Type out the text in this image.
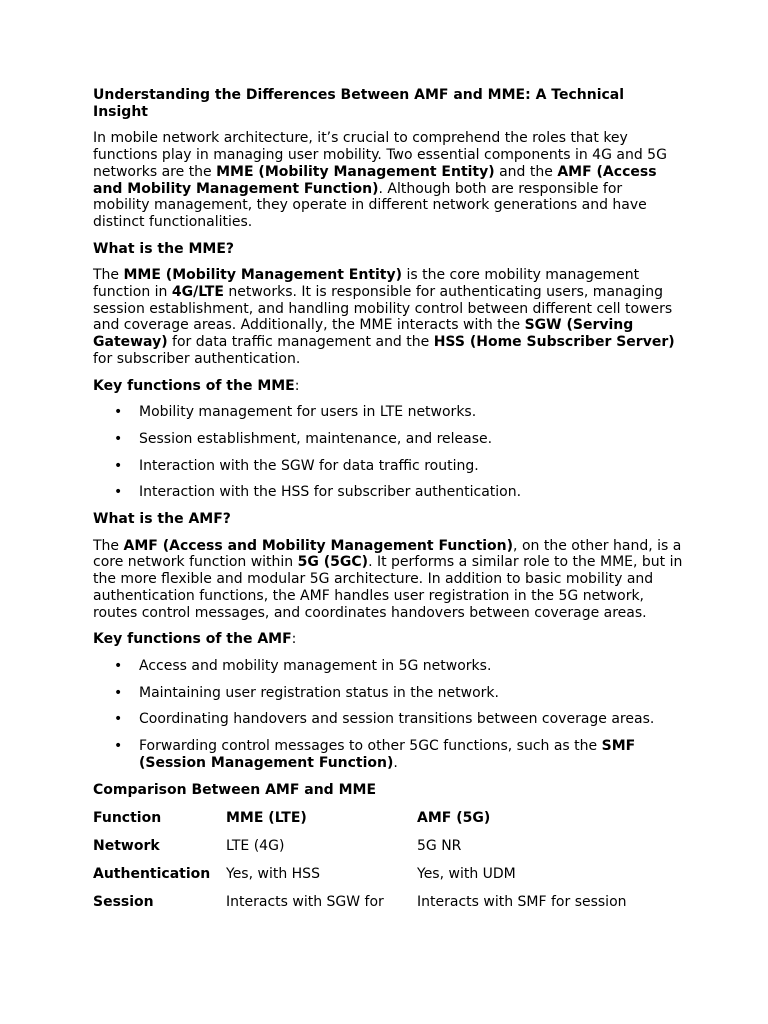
Understanding the Differences Between AMF and MME: A Technical Insight

In mobile network architecture, it’s crucial to comprehend the roles that key functions play in managing user mobility. Two essential components in 4G and 5G networks are the MME (Mobility Management Entity) and the AMF (Access and Mobility Management Function). Although both are responsible for mobility management, they operate in different network generations and have distinct functionalities.

What is the MME?

The MME (Mobility Management Entity) is the core mobility management function in 4G/LTE networks. It is responsible for authenticating users, managing session establishment, and handling mobility control between different cell towers and coverage areas. Additionally, the MME interacts with the SGW (Serving Gateway) for data traffic management and the HSS (Home Subscriber Server) for subscriber authentication.

Key functions of the MME:

• Mobility management for users in LTE networks.
• Session establishment, maintenance, and release.
• Interaction with the SGW for data traffic routing.
• Interaction with the HSS for subscriber authentication.

What is the AMF?

The AMF (Access and Mobility Management Function), on the other hand, is a core network function within 5G (5GC). It performs a similar role to the MME, but in the more flexible and modular 5G architecture. In addition to basic mobility and authentication functions, the AMF handles user registration in the 5G network, routes control messages, and coordinates handovers between coverage areas.

Key functions of the AMF:

• Access and mobility management in 5G networks.
• Maintaining user registration status in the network.
• Coordinating handovers and session transitions between coverage areas.
• Forwarding control messages to other 5GC functions, such as the SMF (Session Management Function).

Comparison Between AMF and MME

Function	MME (LTE)	AMF (5G)
Network	LTE (4G)	5G NR
Authentication	Yes, with HSS	Yes, with UDM
Session	Interacts with SGW for	Interacts with SMF for session
